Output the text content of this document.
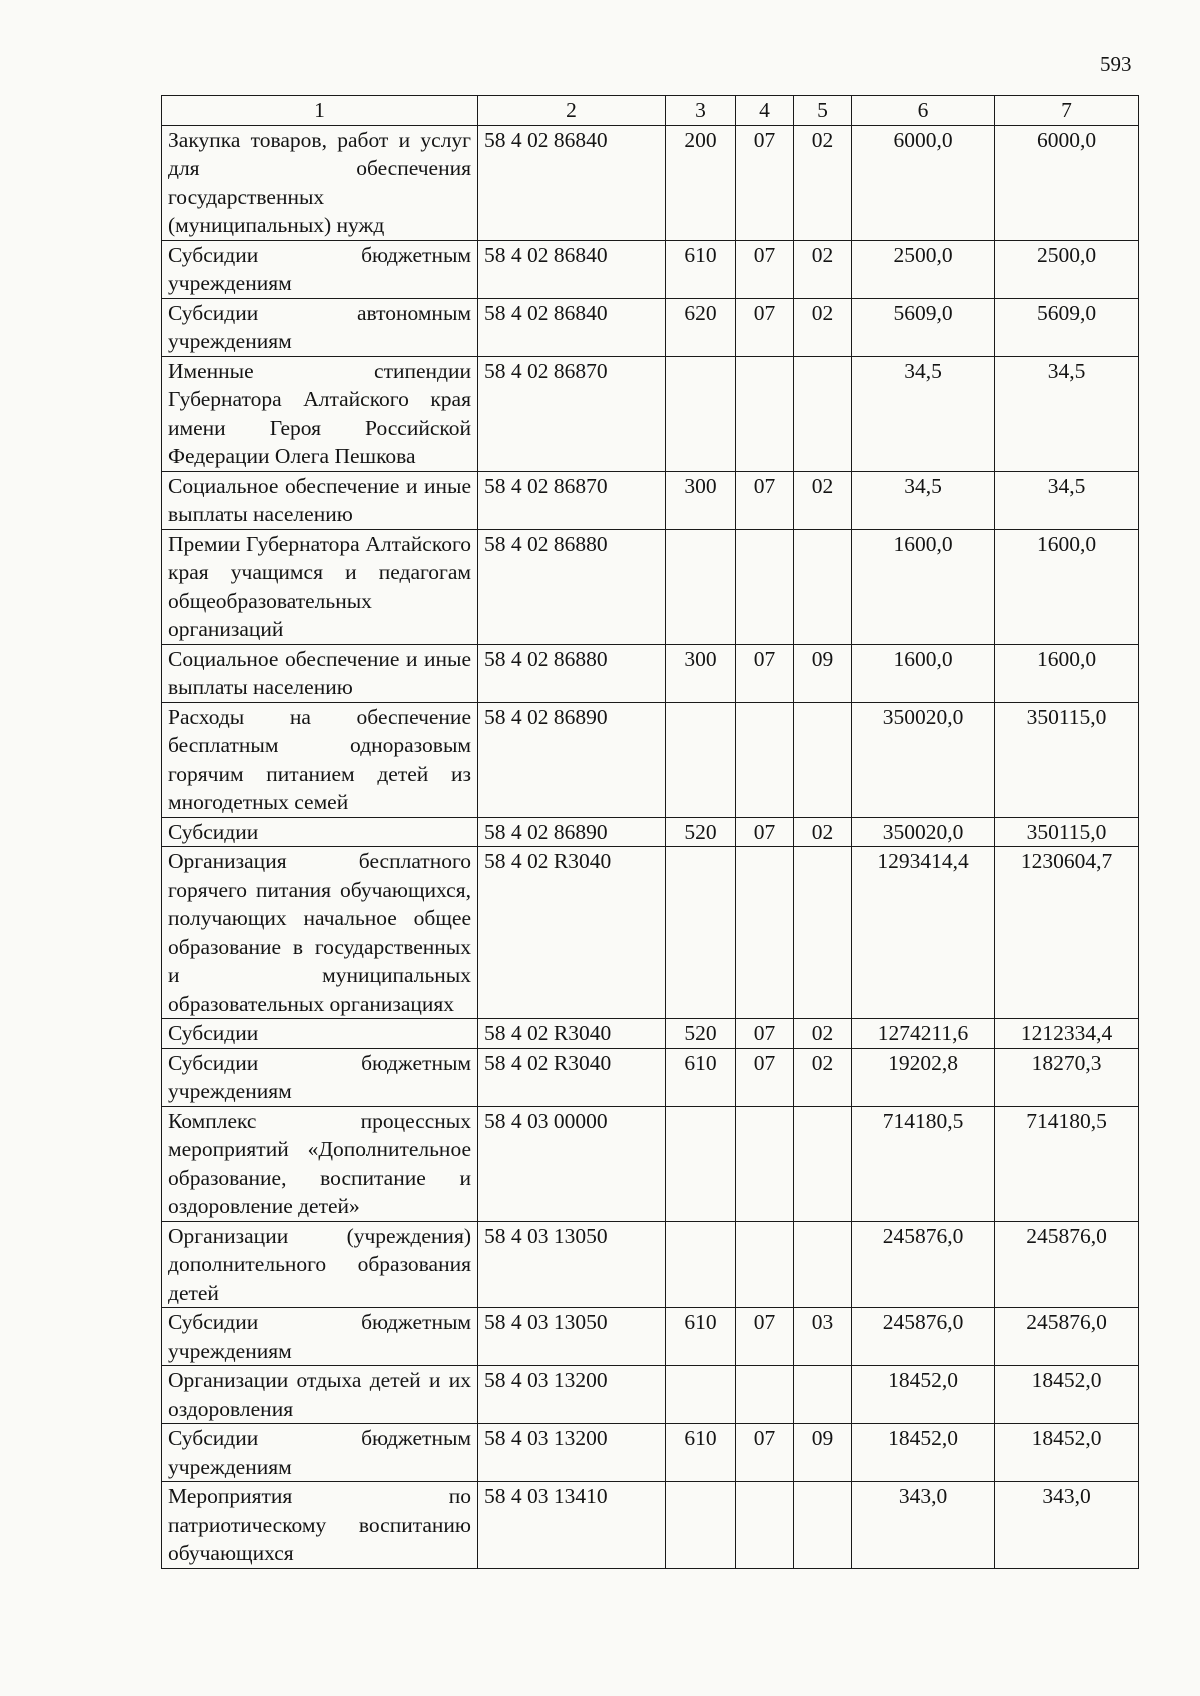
593
1	2	3	4	5	6	7
Закупка товаров, работ и услуг для обеспечения государственных (муниципальных) нужд	58 4 02 86840	200	07	02	6000,0	6000,0
Субсидии бюджетным учреждениям	58 4 02 86840	610	07	02	2500,0	2500,0
Субсидии автономным учреждениям	58 4 02 86840	620	07	02	5609,0	5609,0
Именные стипендии Губернатора Алтайского края имени Героя Российской Федерации Олега Пешкова	58 4 02 86870				34,5	34,5
Социальное обеспечение и иные выплаты населению	58 4 02 86870	300	07	02	34,5	34,5
Премии Губернатора Алтайского края учащимся и педагогам общеобразовательных организаций	58 4 02 86880				1600,0	1600,0
Социальное обеспечение и иные выплаты населению	58 4 02 86880	300	07	09	1600,0	1600,0
Расходы на обеспечение бесплатным одноразовым горячим питанием детей из многодетных семей	58 4 02 86890				350020,0	350115,0
Субсидии	58 4 02 86890	520	07	02	350020,0	350115,0
Организация бесплатного горячего питания обучающихся, получающих начальное общее образование в государственных и муниципальных образовательных организациях	58 4 02 R3040				1293414,4	1230604,7
Субсидии	58 4 02 R3040	520	07	02	1274211,6	1212334,4
Субсидии бюджетным учреждениям	58 4 02 R3040	610	07	02	19202,8	18270,3
Комплекс процессных мероприятий «Дополнительное образование, воспитание и оздоровление детей»	58 4 03 00000				714180,5	714180,5
Организации (учреждения) дополнительного образования детей	58 4 03 13050				245876,0	245876,0
Субсидии бюджетным учреждениям	58 4 03 13050	610	07	03	245876,0	245876,0
Организации отдыха детей и их оздоровления	58 4 03 13200				18452,0	18452,0
Субсидии бюджетным учреждениям	58 4 03 13200	610	07	09	18452,0	18452,0
Мероприятия по патриотическому воспитанию обучающихся	58 4 03 13410				343,0	343,0
